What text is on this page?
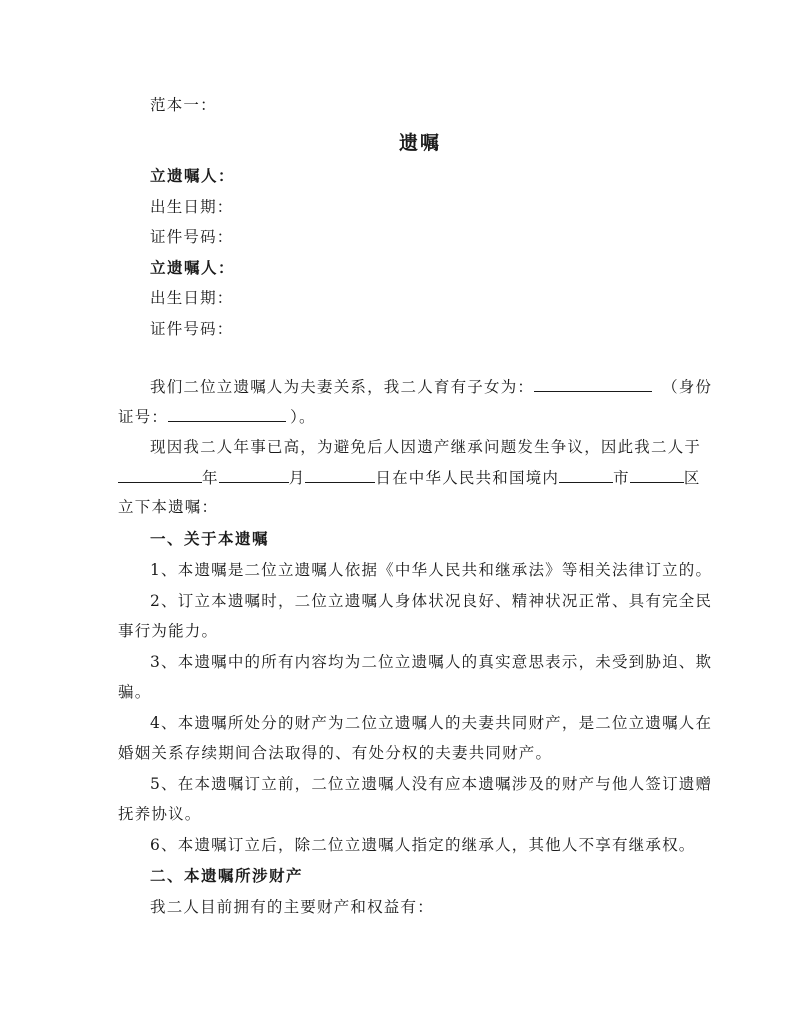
范本一：
遗嘱
立遗嘱人：
出生日期：
证件号码：
立遗嘱人：
出生日期：
证件号码：
我们二位立遗嘱人为夫妻关系，我二人育有子女为：	（身份
证号：	）。
现因我二人年事已高，为避免后人因遗产继承问题发生争议，因此我二人于
年	月	日在中华人民共和国境内	市	区
立下本遗嘱：
一、关于本遗嘱
1、本遗嘱是二位立遗嘱人依据《中华人民共和继承法》等相关法律订立的。
2、订立本遗嘱时，二位立遗嘱人身体状况良好、精神状况正常、具有完全民
事行为能力。
3、本遗嘱中的所有内容均为二位立遗嘱人的真实意思表示，未受到胁迫、欺
骗。
4、本遗嘱所处分的财产为二位立遗嘱人的夫妻共同财产，是二位立遗嘱人在
婚姻关系存续期间合法取得的、有处分权的夫妻共同财产。
5、在本遗嘱订立前，二位立遗嘱人没有应本遗嘱涉及的财产与他人签订遗赠
抚养协议。
6、本遗嘱订立后，除二位立遗嘱人指定的继承人，其他人不享有继承权。
二、本遗嘱所涉财产
我二人目前拥有的主要财产和权益有：
